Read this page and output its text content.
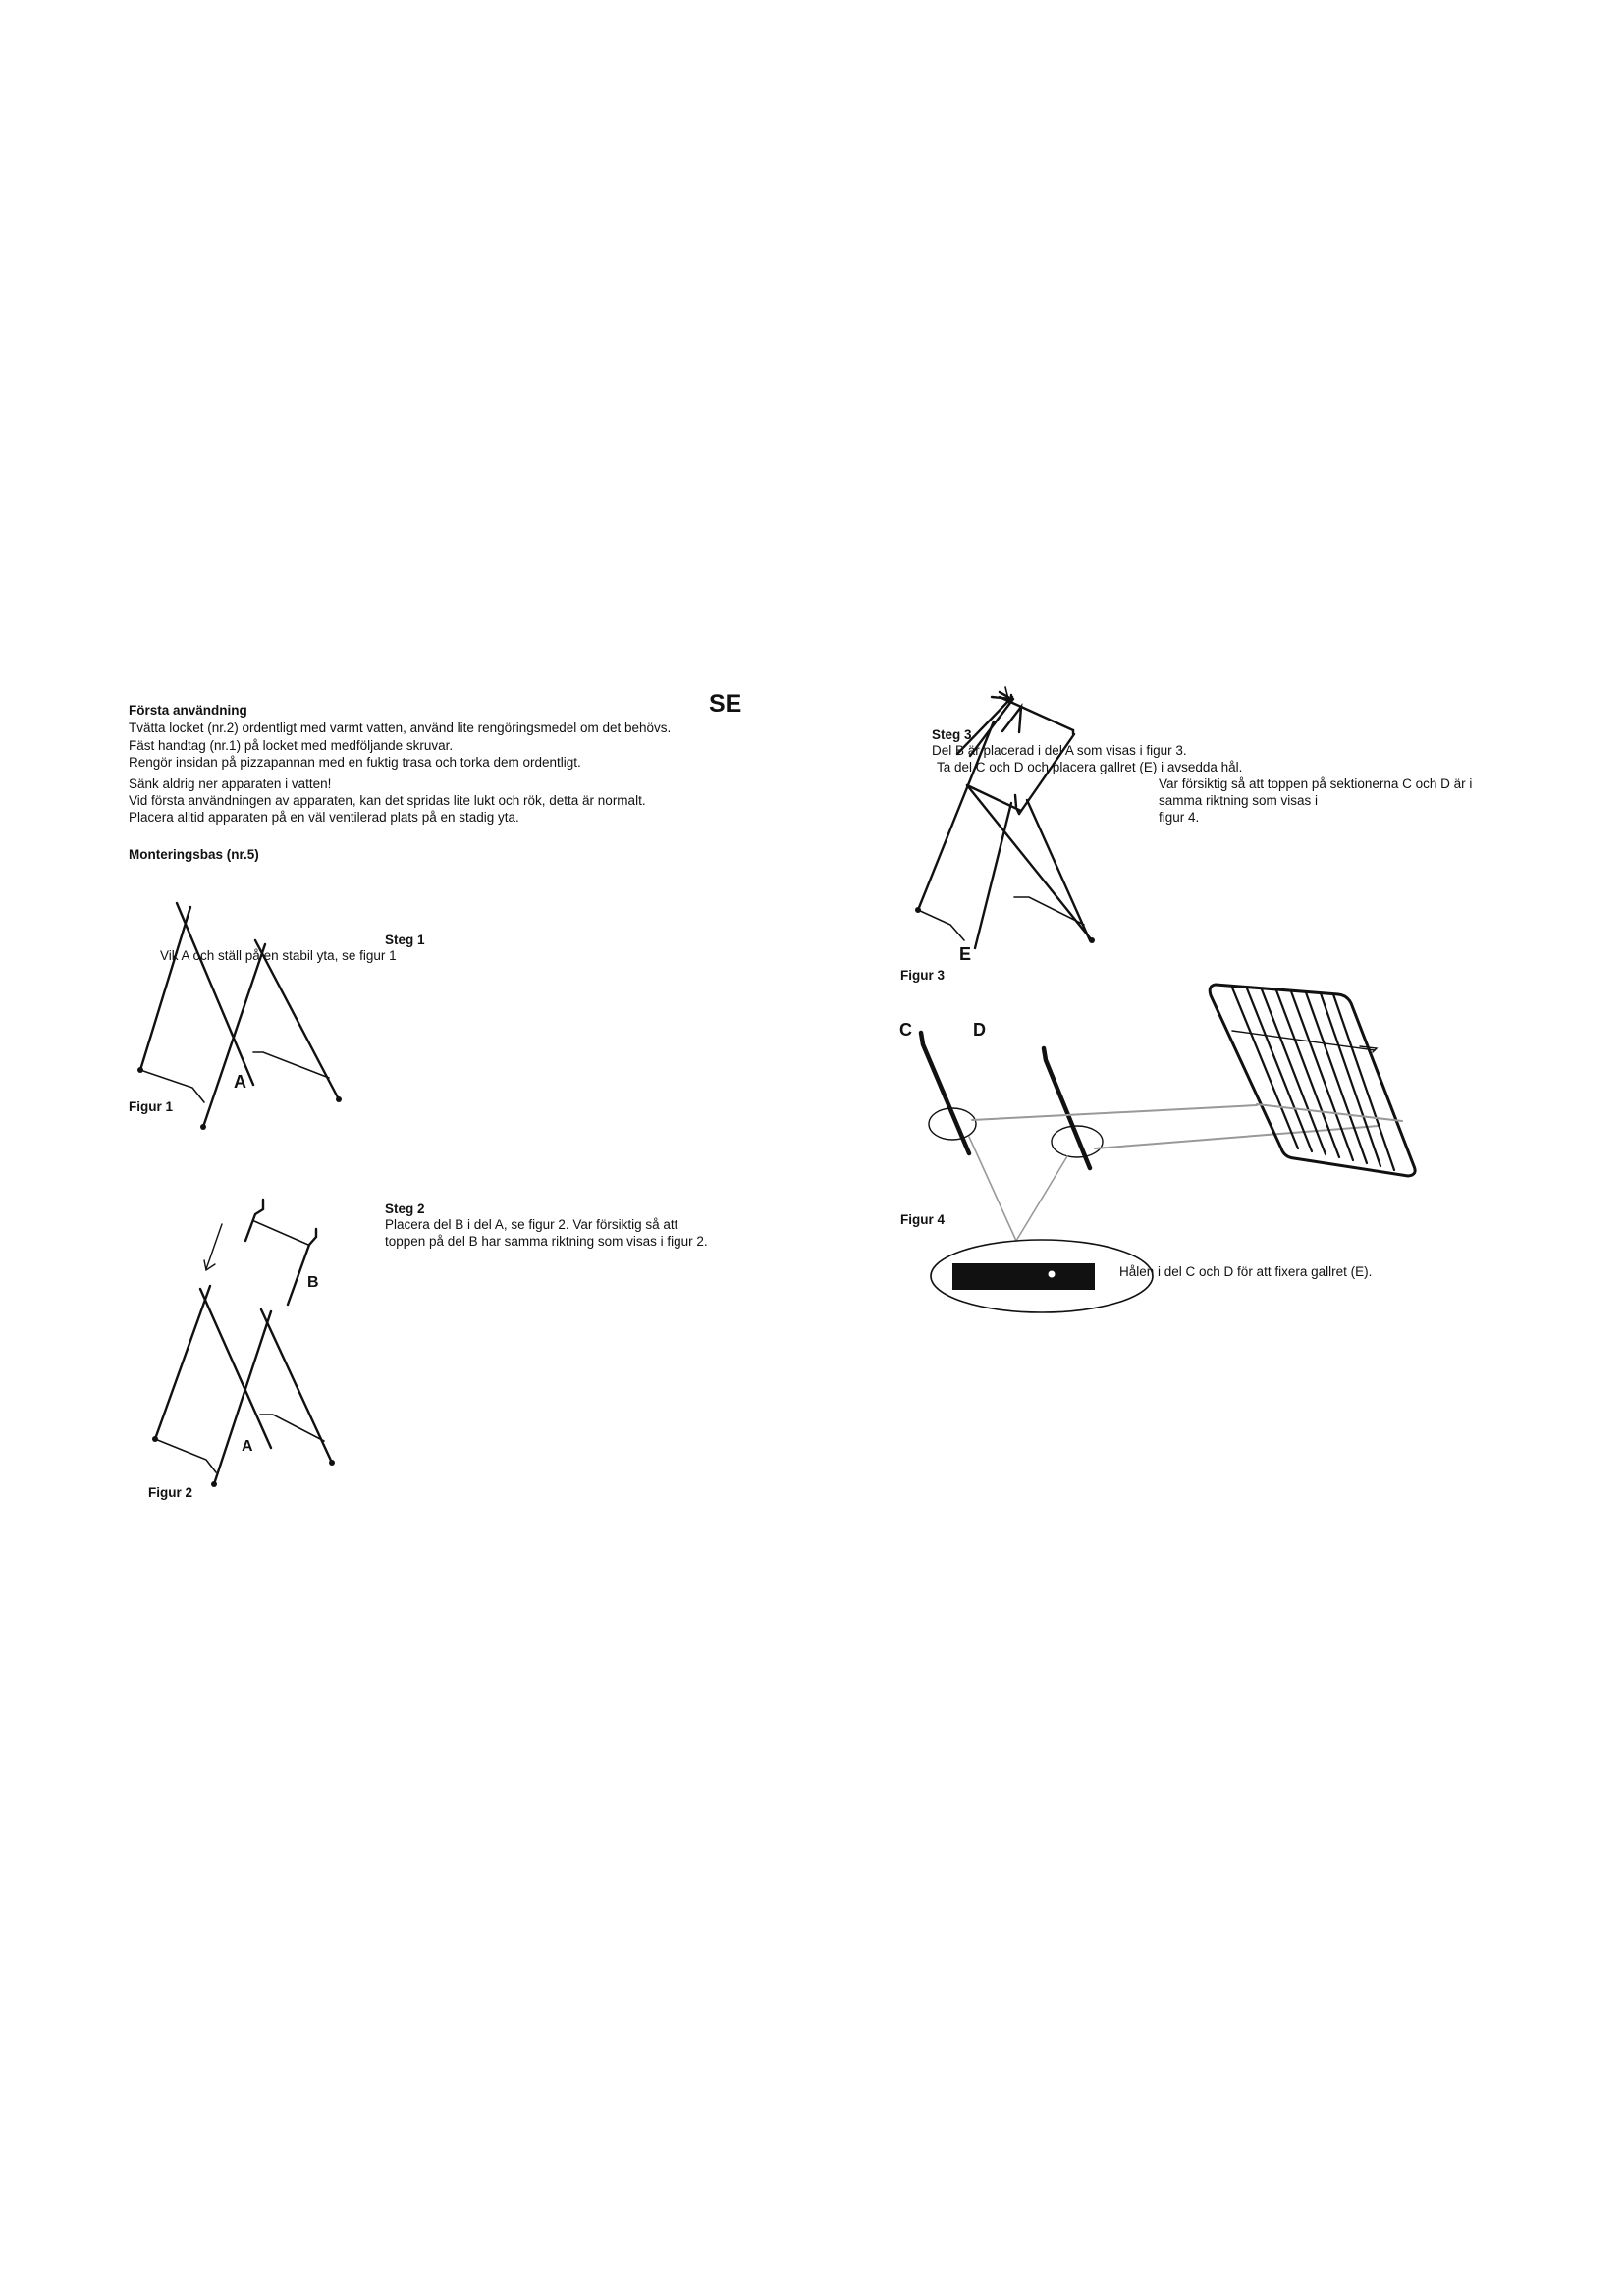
SE
Första användning
Tvätta locket (nr.2) ordentligt med varmt vatten, använd lite rengöringsmedel om det behövs.
Fäst handtag (nr.1) på locket med medföljande skruvar.
Rengör insidan på pizzapannan med en fuktig trasa och torka dem ordentligt.
Sänk aldrig ner apparaten i vatten!
Vid första användningen av apparaten, kan det spridas lite lukt och rök, detta är normalt.
Placera alltid apparaten på en väl ventilerad plats på en stadig yta.
Monteringsbas (nr.5)
Steg 1
Vik A och ställ på en stabil yta, se figur 1
Figur 1
A
Steg 2
Placera del B i del A, se figur 2. Var försiktig så att
toppen på del B har samma riktning som visas i figur 2.
B
A
Figur 2
Steg 3
Del B är placerad i del A som visas i figur 3.
Ta del C och D och placera gallret (E) i avsedda hål.
Var försiktig så att toppen på sektionerna C och D är i
samma riktning som visas i
figur 4.
E
Figur 3
C	D
Figur 4
Hålen i del C och D för att fixera gallret (E).
